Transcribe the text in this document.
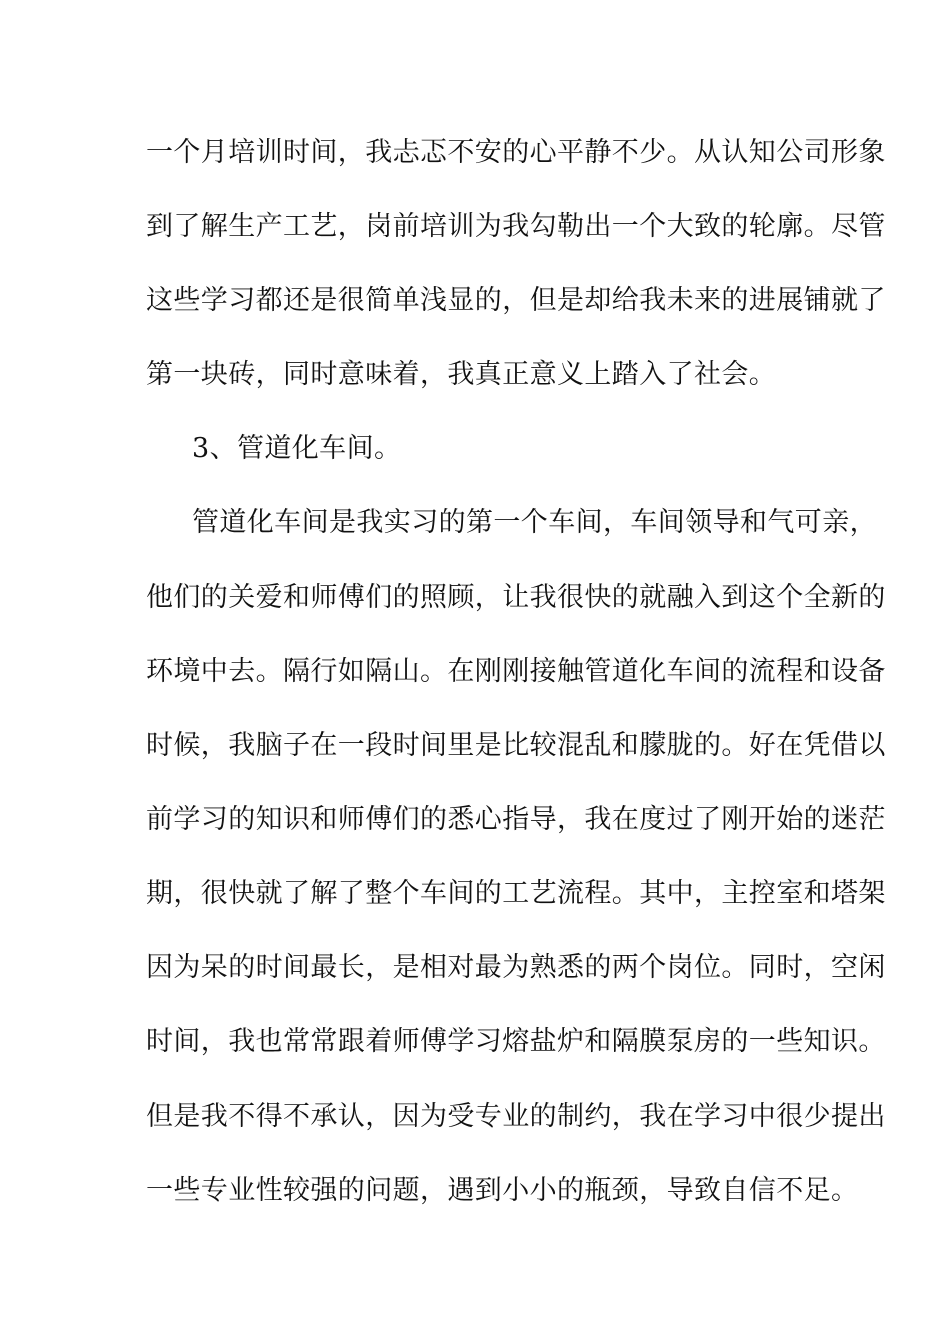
一个月培训时间，我忐忑不安的心平静不少。从认知公司形象
到了解生产工艺，岗前培训为我勾勒出一个大致的轮廓。尽管
这些学习都还是很简单浅显的，但是却给我未来的进展铺就了
第一块砖，同时意味着，我真正意义上踏入了社会。
3、管道化车间。
管道化车间是我实习的第一个车间，车间领导和气可亲，
他们的关爱和师傅们的照顾，让我很快的就融入到这个全新的
环境中去。隔行如隔山。在刚刚接触管道化车间的流程和设备
时候，我脑子在一段时间里是比较混乱和朦胧的。好在凭借以
前学习的知识和师傅们的悉心指导，我在度过了刚开始的迷茫
期，很快就了解了整个车间的工艺流程。其中，主控室和塔架
因为呆的时间最长，是相对最为熟悉的两个岗位。同时，空闲
时间，我也常常跟着师傅学习熔盐炉和隔膜泵房的一些知识。
但是我不得不承认，因为受专业的制约，我在学习中很少提出
一些专业性较强的问题，遇到小小的瓶颈，导致自信不足。
